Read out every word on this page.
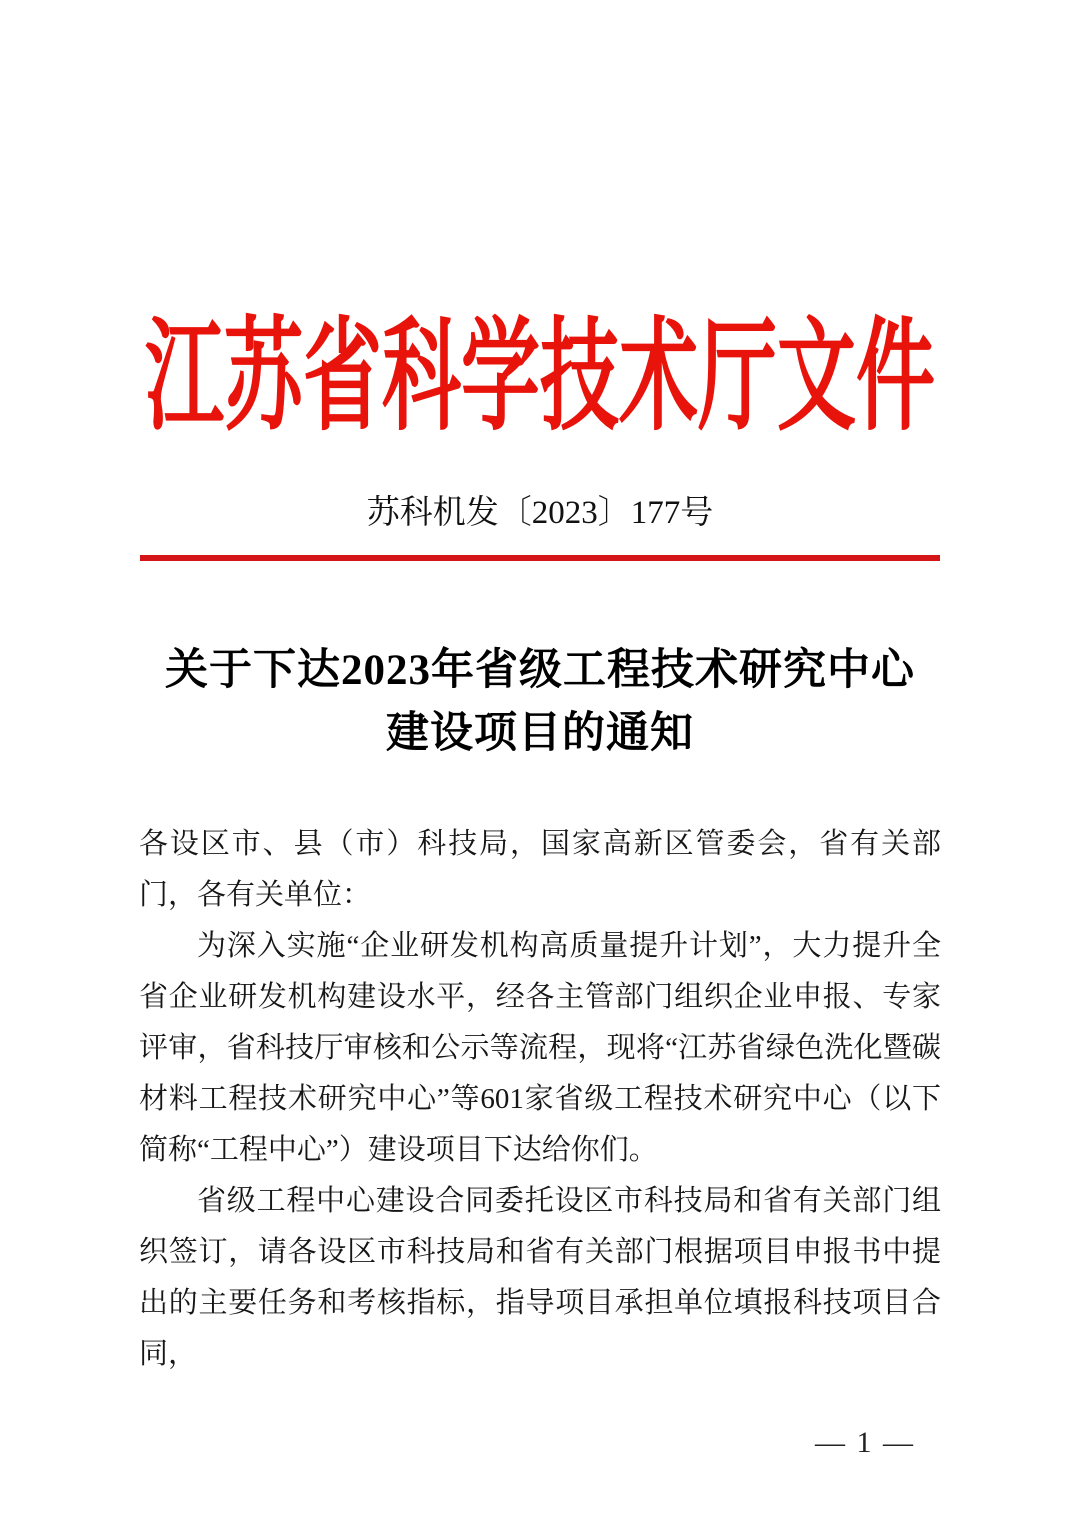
江苏省科学技术厅文件
苏科机发〔2023〕177号
关于下达2023年省级工程技术研究中心
建设项目的通知

各设区市、县（市）科技局，国家高新区管委会，省有关部门，各有关单位：

为深入实施“企业研发机构高质量提升计划”，大力提升全省企业研发机构建设水平，经各主管部门组织企业申报、专家评审，省科技厅审核和公示等流程，现将“江苏省绿色洗化暨碳材料工程技术研究中心”等601家省级工程技术研究中心（以下简称“工程中心”）建设项目下达给你们。

省级工程中心建设合同委托设区市科技局和省有关部门组织签订，请各设区市科技局和省有关部门根据项目申报书中提出的主要任务和考核指标，指导项目承担单位填报科技项目合同，

— 1 —
